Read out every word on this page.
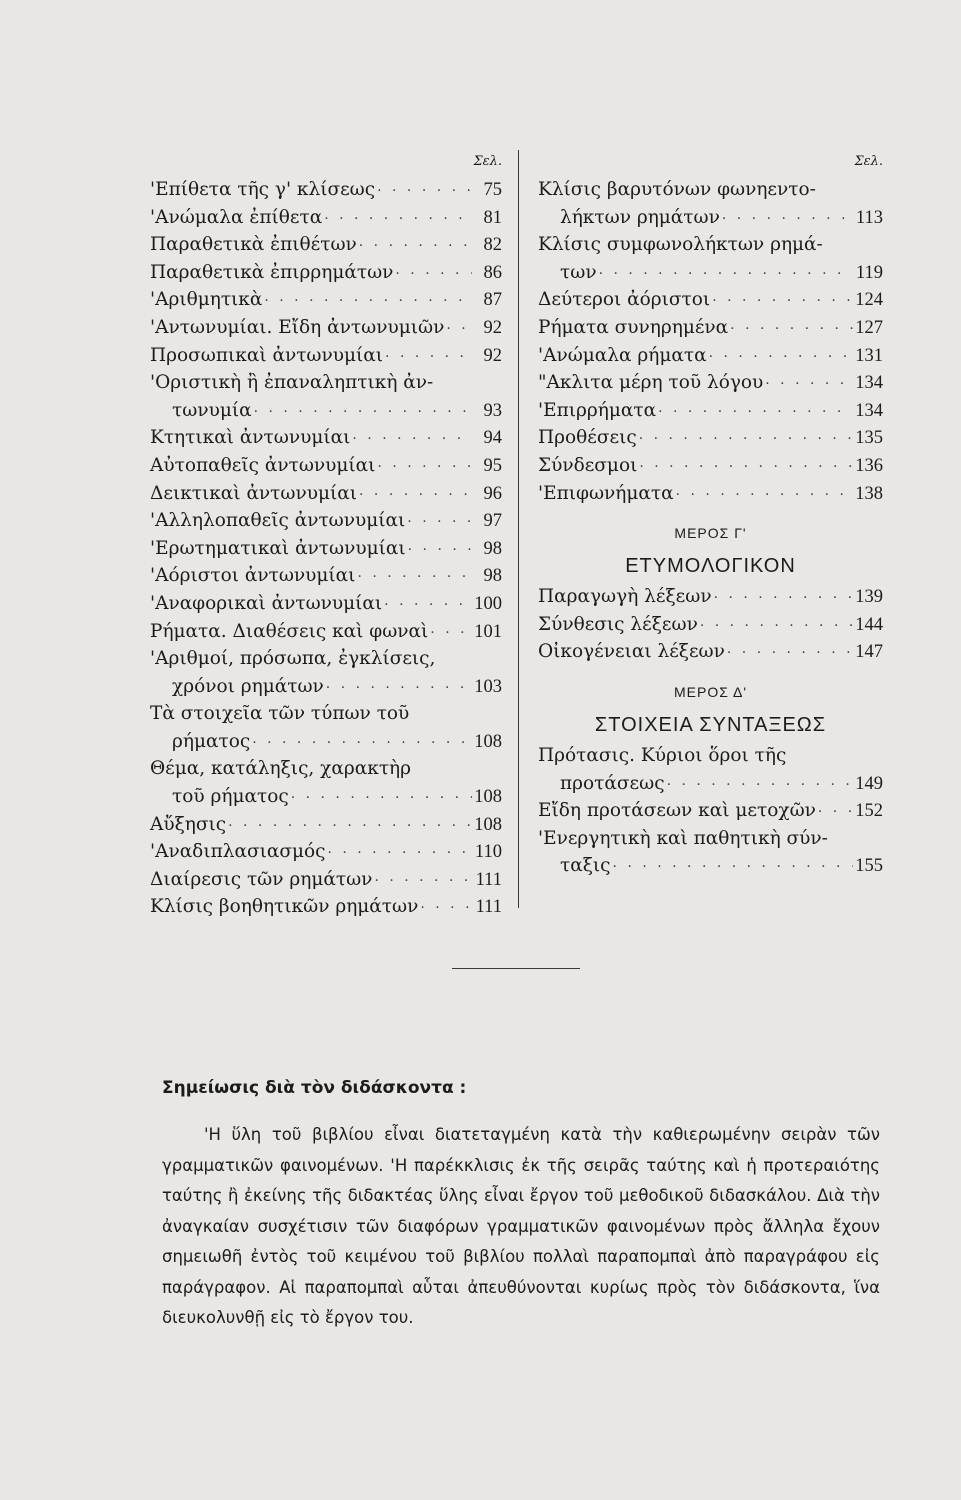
Σελ.
'Επίθετα τῆς γ' κλίσεως · · ·	75
'Ανώμαλα ἐπίθετα · · ·	81
Παραθετικὰ ἐπιθέτων · · ·	82
Παραθετικὰ ἐπιρρημάτων · · ·	86
'Αριθμητικὰ · · ·	87
'Αντωνυμίαι. Εἴδη ἀντωνυμιῶν · · ·	92
Προσωπικαὶ ἀντωνυμίαι · · ·	92
'Οριστικὴ ἢ ἐπαναληπτικὴ ἀν-
τωνυμία · · ·	93
Κτητικαὶ ἀντωνυμίαι · · ·	94
Αὐτοπαθεῖς ἀντωνυμίαι · · ·	95
Δεικτικαὶ ἀντωνυμίαι · · ·	96
'Αλληλοπαθεῖς ἀντωνυμίαι · · ·	97
'Ερωτηματικαὶ ἀντωνυμίαι · · ·	98
'Αόριστοι ἀντωνυμίαι · · ·	98
'Αναφορικαὶ ἀντωνυμίαι · · ·	100
Ρήματα. Διαθέσεις καὶ φωναὶ · · · 101
'Αριθμοί, πρόσωπα, ἐγκλίσεις,
χρόνοι ρημάτων · · ·	103
Τὰ στοιχεῖα τῶν τύπων τοῦ
ρήματος · · ·	108
Θέμα, κατάληξις, χαρακτὴρ
τοῦ ρήματος · · ·	108
Αὔξησις · · ·	108
'Αναδιπλασιασμός · · ·	110
Διαίρεσις τῶν ρημάτων · · ·	111
Κλίσις βοηθητικῶν ρημάτων · · ·	111
Σελ.
Κλίσις βαρυτόνων φωνηεντο-
λήκτων ρημάτων · · ·	113
Κλίσις συμφωνολήκτων ρημά-
των · · ·	119
Δεύτεροι ἀόριστοι · · ·	124
Ρήματα συνηρημένα · · ·	127
'Ανώμαλα ρήματα · · ·	131
"Ακλιτα μέρη τοῦ λόγου · · ·	134
'Επιρρήματα · · ·	134
Προθέσεις · · ·	135
Σύνδεσμοι · · ·	136
'Επιφωνήματα · · ·	138
ΜΕΡΟΣ Γ'
ΕΤΥΜΟΛΟΓΙΚΟΝ
Παραγωγὴ λέξεων · · ·	139
Σύνθεσις λέξεων · · ·	144
Οἰκογένειαι λέξεων · · ·	147
ΜΕΡΟΣ Δ'
ΣΤΟΙΧΕΙΑ ΣΥΝΤΑΞΕΩΣ
Πρότασις. Κύριοι ὅροι τῆς
προτάσεως · · ·	149
Εἴδη προτάσεων καὶ μετοχῶν · · · 152
'Ενεργητικὴ καὶ παθητικὴ σύν-
ταξις · · ·	155
Σημείωσις διὰ τὸν διδάσκοντα :
'Η ὕλη τοῦ βιβλίου εἶναι διατεταγμένη κατὰ τὴν καθιερωμένην σειρὰν τῶν γραμματικῶν φαινομένων. 'Η παρέκκλισις ἐκ τῆς σειρᾶς ταύτης καὶ ἡ προτεραιότης ταύτης ἢ ἐκείνης τῆς διδακτέας ὕλης εἶναι ἔργον τοῦ μεθοδικοῦ διδασκάλου. Διὰ τὴν ἀναγκαίαν συσχέτισιν τῶν διαφόρων γραμματικῶν φαινομένων πρὸς ἄλληλα ἔχουν σημειωθῆ ἐντὸς τοῦ κειμένου τοῦ βιβλίου πολλαὶ παραπομπαὶ ἀπὸ παραγράφου εἰς παράγραφον. Αἱ παραπομπαὶ αὗται ἀπευθύνονται κυρίως πρὸς τὸν διδάσκοντα, ἵνα διευκολυνθῇ εἰς τὸ ἔργον του.
